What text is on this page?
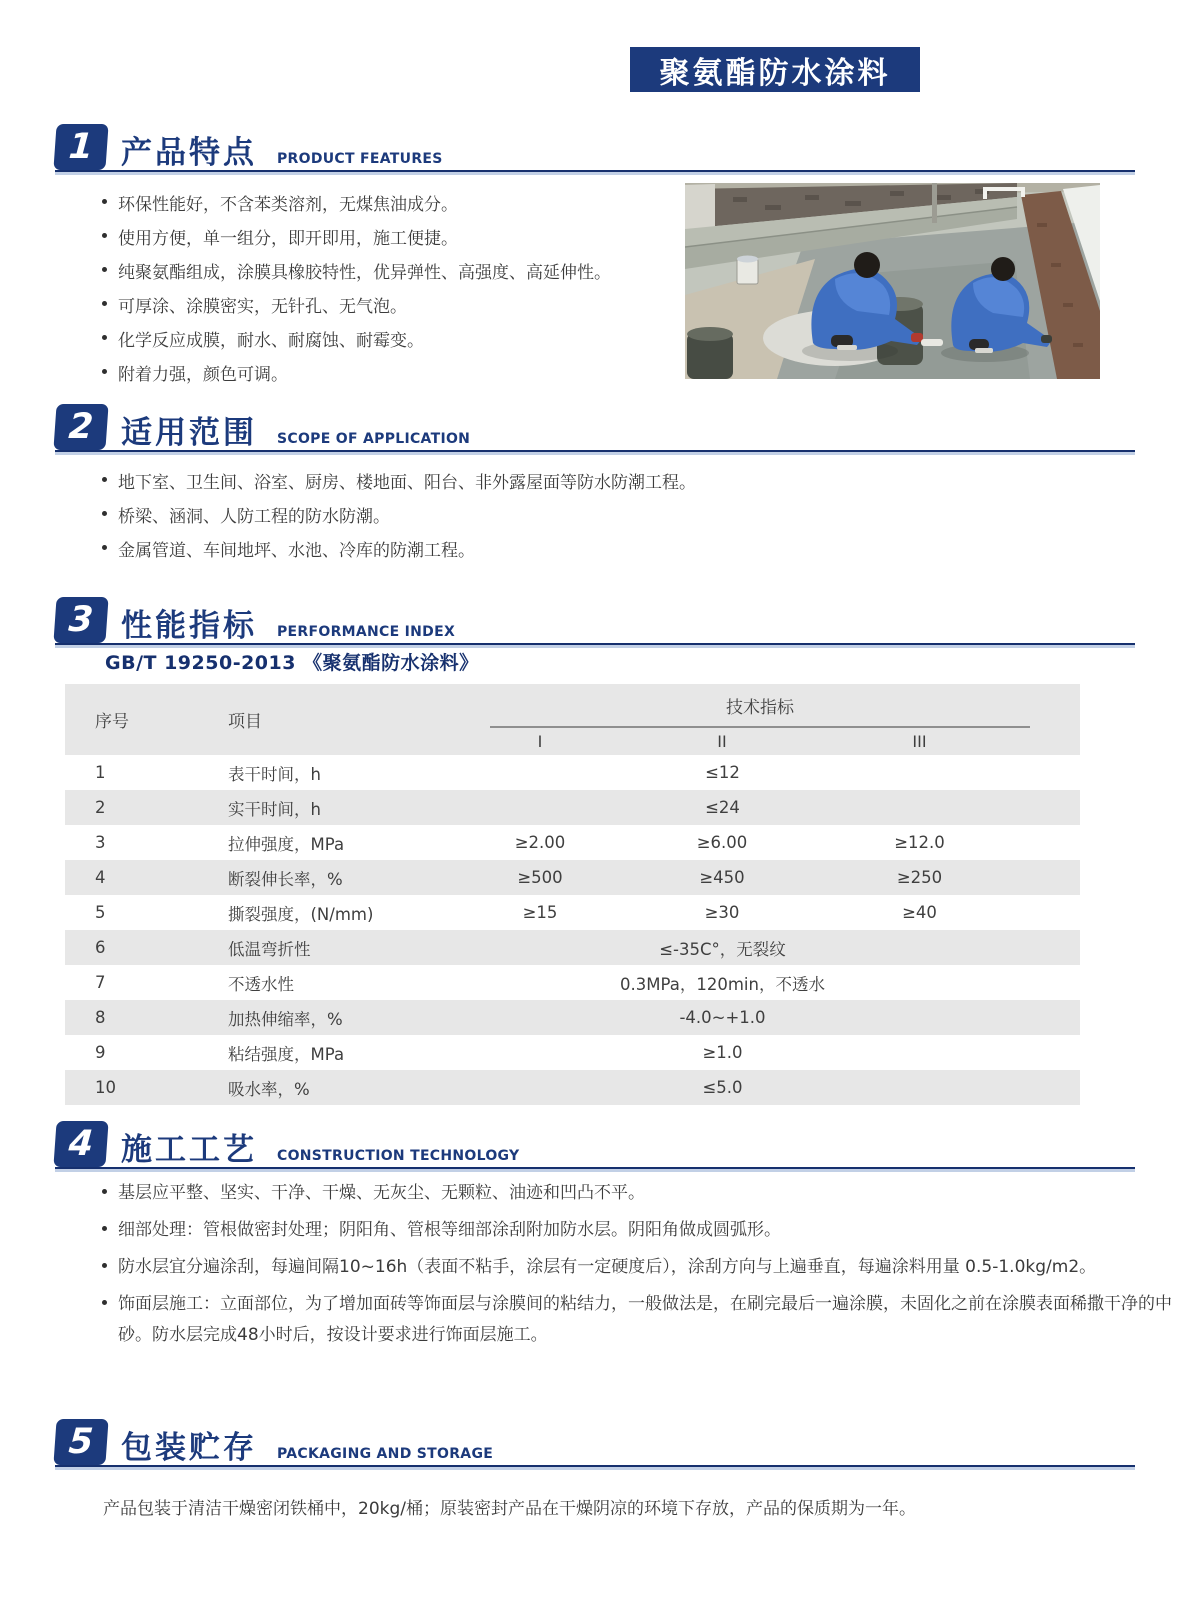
聚氨酯防水涂料
1 产品特点 PRODUCT FEATURES
环保性能好，不含苯类溶剂，无煤焦油成分。
使用方便，单一组分，即开即用，施工便捷。
纯聚氨酯组成，涂膜具橡胶特性，优异弹性、高强度、高延伸性。
可厚涂、涂膜密实，无针孔、无气泡。
化学反应成膜，耐水、耐腐蚀、耐霉变。
附着力强，颜色可调。
2 适用范围 SCOPE OF APPLICATION
地下室、卫生间、浴室、厨房、楼地面、阳台、非外露屋面等防水防潮工程。
桥梁、涵洞、人防工程的防水防潮。
金属管道、车间地坪、水池、冷库的防潮工程。
3 性能指标 PERFORMANCE INDEX
GB/T 19250-2013 《聚氨酯防水涂料》
序号	项目	技术指标		

		I	II	III
1	表干时间，h	≤12		
2	实干时间，h	≤24		
3	拉伸强度，MPa	≥2.00	≥6.00	≥12.0
4	断裂伸长率，%	≥500	≥450	≥250
5	撕裂强度，(N/mm)	≥15	≥30	≥40
6	低温弯折性	≤-35C°，无裂纹		
7	不透水性	0.3MPa，120min，不透水		
8	加热伸缩率，%	-4.0~+1.0		
9	粘结强度，MPa	≥1.0		
10	吸水率，%	≤5.0		
4 施工工艺 CONSTRUCTION TECHNOLOGY
基层应平整、坚实、干净、干燥、无灰尘、无颗粒、油迹和凹凸不平。
细部处理：管根做密封处理；阴阳角、管根等细部涂刮附加防水层。阴阳角做成圆弧形。
防水层宜分遍涂刮，每遍间隔10~16h（表面不粘手，涂层有一定硬度后），涂刮方向与上遍垂直，每遍涂料用量 0.5-1.0kg/m2。
饰面层施工：立面部位，为了增加面砖等饰面层与涂膜间的粘结力，一般做法是，在刷完最后一遍涂膜，未固化之前在涂膜表面稀撒干净的中砂。防水层完成48小时后，按设计要求进行饰面层施工。
5 包装贮存 PACKAGING AND STORAGE
产品包装于清洁干燥密闭铁桶中，20kg/桶；原装密封产品在干燥阴凉的环境下存放，产品的保质期为一年。
